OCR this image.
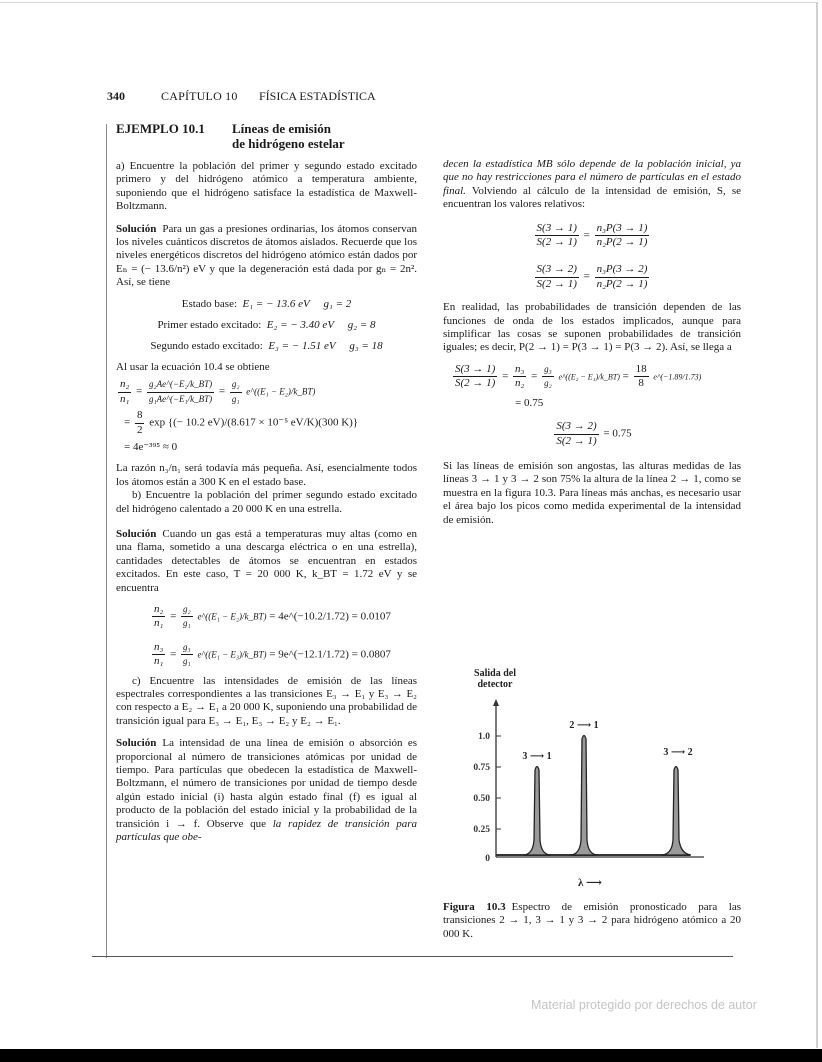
340	CAPÍTULO 10 FÍSICA ESTADÍSTICA
EJEMPLO 10.1	Líneas de emisión
de hidrógeno estelar

a) Encuentre la población del primer y segundo estado excitado primero y del hidrógeno atómico a temperatura ambiente, suponiendo que el hidrógeno satisface la estadística de Maxwell-Boltzmann.

Solución Para un gas a presiones ordinarias, los átomos conservan los niveles cuánticos discretos de átomos aislados. Recuerde que los niveles energéticos discretos del hidrógeno atómico están dados por Eₙ = (− 13.6/n²) eV y que la degeneración está dada por gₙ = 2n². Así, se tiene

Estado base: E₁ = − 13.6 eV g₁ = 2
Primer estado excitado: E₂ = − 3.40 eV g₂ = 8
Segundo estado excitado: E₃ = − 1.51 eV g₃ = 18

Al usar la ecuación 10.4 se obtiene

$\frac{\text{n₂}}{\text{n₁}} = \frac{\text{g₂Ae\textasciicircum{}(−E₂/k\_BT)}}{\text{g₁Ae\textasciicircum{}(−E₁/k\_BT)}} = \frac{\text{g₂}}{\text{g₁}}$ e^((E₁ − E₂)/k_BT)
= $\frac{8}{2}$ exp {(− 10.2 eV)/(8.617 × 10⁻⁵ eV/K)(300 K)}
= 4e⁻³⁹⁵ ≈ 0

La razón n₃/n₁ será todavía más pequeña. Así, esencialmente todos los átomos están a 300 K en el estado base.

b) Encuentre la población del primer segundo estado excitado del hidrógeno calentado a 20 000 K en una estrella.

Solución Cuando un gas está a temperaturas muy altas (como en una flama, sometido a una descarga eléctrica o en una estrella), cantidades detectables de átomos se encuentran en estados excitados. En este caso, T = 20 000 K, k_BT = 1.72 eV y se encuentra

$\frac{\text{n₂}}{\text{n₁}} = \frac{\text{g₂}}{\text{g₁}}$ e^((E₁ − E₂)/k_BT) = 4e^(−10.2/1.72) = 0.0107
$\frac{\text{n₃}}{\text{n₁}} = \frac{\text{g₃}}{\text{g₁}}$ e^((E₁ − E₃)/k_BT) = 9e^(−12.1/1.72) = 0.0807

c) Encuentre las intensidades de emisión de las líneas espectrales correspondientes a las transiciones E₃ → E₁ y E₃ → E₂ con respecto a E₂ → E₁ a 20 000 K, suponiendo una probabilidad de transición igual para E₃ → E₁, E₃ → E₂ y E₂ → E₁.

Solución La intensidad de una línea de emisión o absorción es proporcional al número de transiciones atómicas por unidad de tiempo. Para partículas que obedecen la estadística de Maxwell-Boltzmann, el número de transiciones por unidad de tiempo desde algún estado inicial (i) hasta algún estado final (f) es igual al producto de la población del estado inicial y la probabilidad de la transición i → f. Observe que la rapidez de transición para partículas que obe-

decen la estadística MB sólo depende de la población inicial, ya que no hay restricciones para el número de partículas en el estado final. Volviendo al cálculo de la intensidad de emisión, S, se encuentran los valores relativos:

$\frac{S(3 \to 1)}{S(2 \to 1)} = \frac{\text{n₃P(3 → 1)}}{\text{n₂P(2 → 1)}}$
$\frac{S(3 \to 2)}{S(2 \to 1)} = \frac{\text{n₃P(3 → 2)}}{\text{n₂P(2 → 1)}}$

En realidad, las probabilidades de transición dependen de las funciones de onda de los estados implicados, aunque para simplificar las cosas se suponen probabilidades de transición iguales; es decir, P(2 → 1) = P(3 → 1) = P(3 → 2). Así, se llega a

$\frac{S(3 \to 1)}{S(2 \to 1)} = \frac{\text{n₃}}{\text{n₂}} = \frac{\text{g₃}}{\text{g₂}}$ e^((E₂ − E₃)/k_BT) = $\frac{18}{8}$ e^(−1.89/1.73)
= 0.75
$\frac{S(3 \to 2)}{S(2 \to 1)} = 0.75$

Si las líneas de emisión son angostas, las alturas medidas de las líneas 3 → 1 y 3 → 2 son 75% la altura de la línea 2 → 1, como se muestra en la figura 10.3. Para líneas más anchas, es necesario usar el área bajo los picos como medida experimental de la intensidad de emisión.

Salida del
detector
1.0
0.75
0.50
0.25
0
3 ⟶ 1
2 ⟶ 1
3 ⟶ 2
λ ⟶
Figura 10.3 Espectro de emisión pronosticado para las transiciones 2 → 1, 3 → 1 y 3 → 2 para hidrógeno atómico a 20 000 K.
Material protegido por derechos de autor
